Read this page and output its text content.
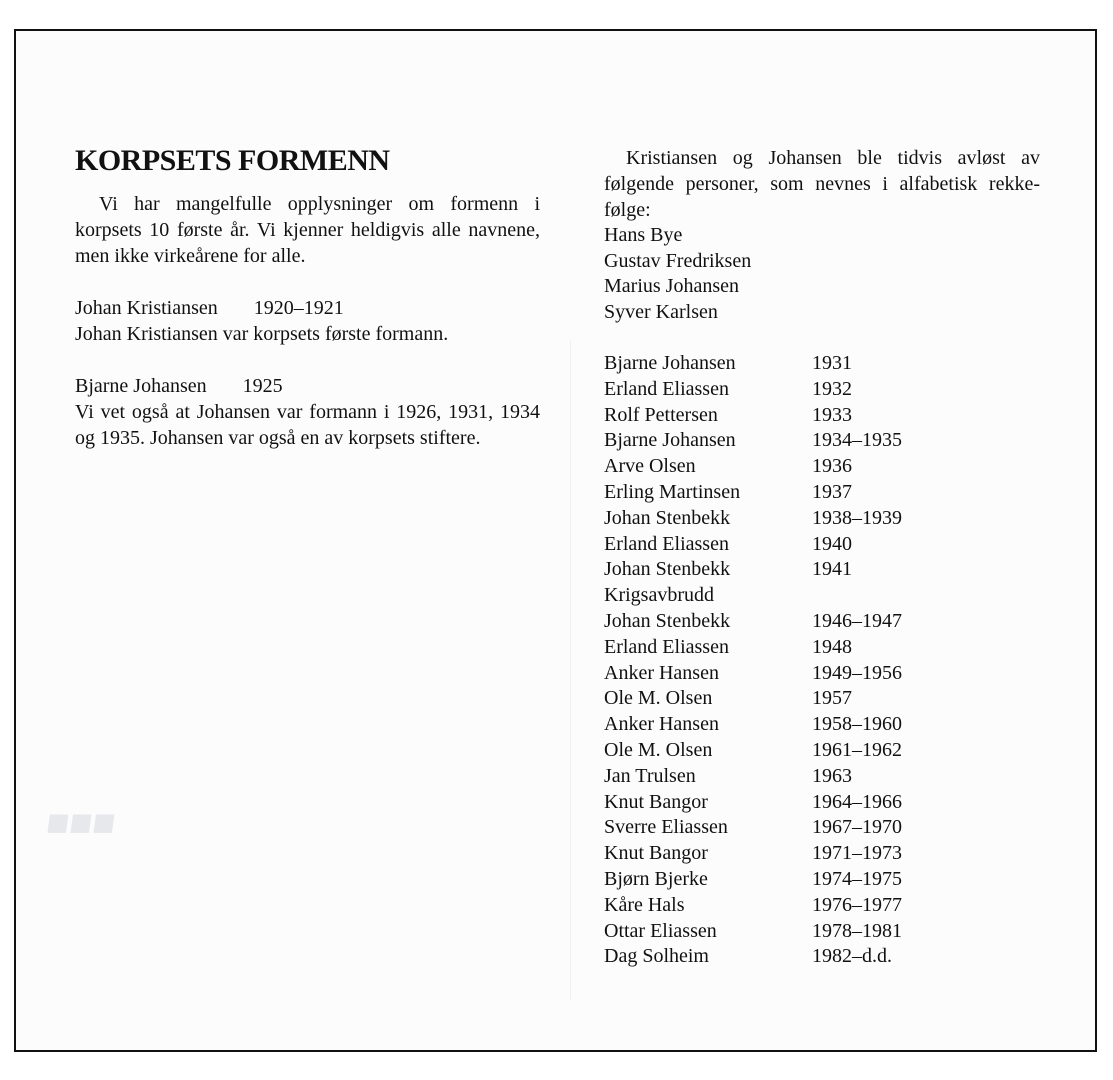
■■■
KORPSETS FORMENN

Vi har mangelfulle opplysninger om formenn i korpsets 10 første år. Vi kjenner heldigvis alle navnene, men ikke virkeårene for alle.

Johan Kristiansen 1920–1921

Johan Kristiansen var korpsets første formann.

Bjarne Johansen 1925

Vi vet også at Johansen var formann i 1926, 1931, 1934 og 1935. Johansen var også en av korpsets stiftere.

Kristiansen og Johansen ble tidvis avløst av følgende personer, som nevnes i alfabetisk rekke-følge:

Hans Bye
Gustav Fredriksen
Marius Johansen
Syver Karlsen
Bjarne Johansen	1931
Erland Eliassen	1932
Rolf Pettersen	1933
Bjarne Johansen	1934–1935
Arve Olsen	1936
Erling Martinsen	1937
Johan Stenbekk	1938–1939
Erland Eliassen	1940
Johan Stenbekk	1941
Krigsavbrudd
Johan Stenbekk	1946–1947
Erland Eliassen	1948
Anker Hansen	1949–1956
Ole M. Olsen	1957
Anker Hansen	1958–1960
Ole M. Olsen	1961–1962
Jan Trulsen	1963
Knut Bangor	1964–1966
Sverre Eliassen	1967–1970
Knut Bangor	1971–1973
Bjørn Bjerke	1974–1975
Kåre Hals	1976–1977
Ottar Eliassen	1978–1981
Dag Solheim	1982–d.d.
